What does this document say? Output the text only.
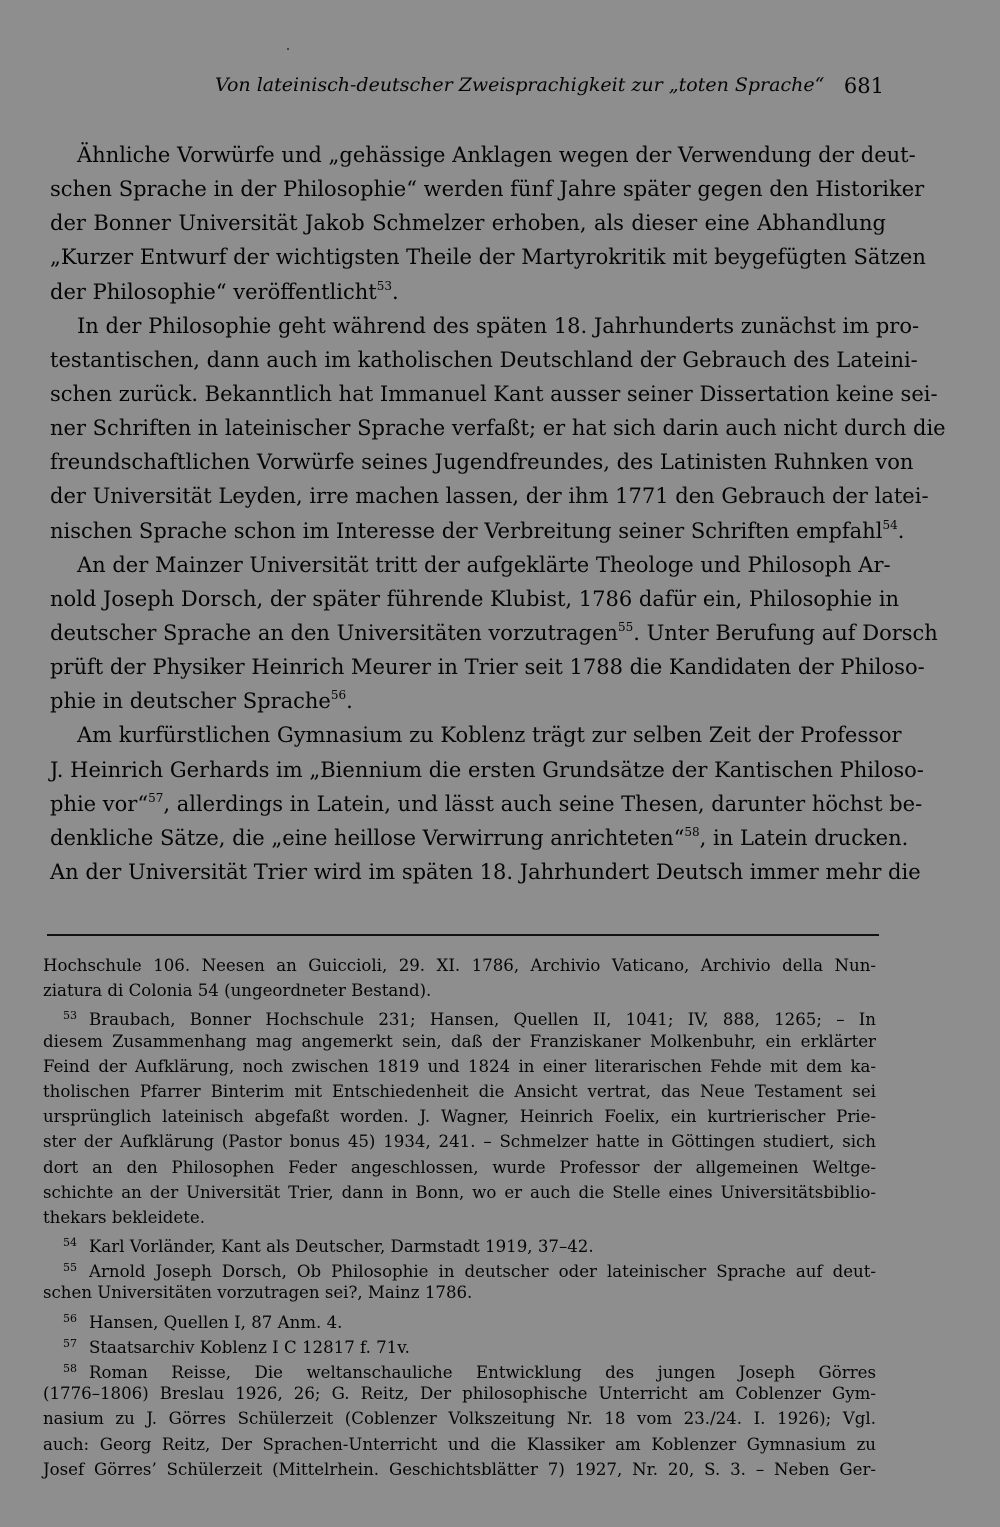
Von lateinisch-deutscher Zweisprachigkeit zur „toten Sprache“ 681
Ähnliche Vorwürfe und „gehässige Anklagen wegen der Verwendung der deut-
schen Sprache in der Philosophie“ werden fünf Jahre später gegen den Historiker
der Bonner Universität Jakob Schmelzer erhoben, als dieser eine Abhandlung
„Kurzer Entwurf der wichtigsten Theile der Martyrokritik mit beygefügten Sätzen
der Philosophie“ veröffentlicht$^{53}$.
In der Philosophie geht während des späten 18. Jahrhunderts zunächst im pro-
testantischen, dann auch im katholischen Deutschland der Gebrauch des Lateini-
schen zurück. Bekanntlich hat Immanuel Kant ausser seiner Dissertation keine sei-
ner Schriften in lateinischer Sprache verfaßt; er hat sich darin auch nicht durch die
freundschaftlichen Vorwürfe seines Jugendfreundes, des Latinisten Ruhnken von
der Universität Leyden, irre machen lassen, der ihm 1771 den Gebrauch der latei-
nischen Sprache schon im Interesse der Verbreitung seiner Schriften empfahl$^{54}$.
An der Mainzer Universität tritt der aufgeklärte Theologe und Philosoph Ar-
nold Joseph Dorsch, der später führende Klubist, 1786 dafür ein, Philosophie in
deutscher Sprache an den Universitäten vorzutragen$^{55}$. Unter Berufung auf Dorsch
prüft der Physiker Heinrich Meurer in Trier seit 1788 die Kandidaten der Philoso-
phie in deutscher Sprache$^{56}$.
Am kurfürstlichen Gymnasium zu Koblenz trägt zur selben Zeit der Professor
J. Heinrich Gerhards im „Biennium die ersten Grundsätze der Kantischen Philoso-
phie vor“$^{57}$, allerdings in Latein, und lässt auch seine Thesen, darunter höchst be-
denkliche Sätze, die „eine heillose Verwirrung anrichteten“$^{58}$, in Latein drucken.
An der Universität Trier wird im späten 18. Jahrhundert Deutsch immer mehr die
Hochschule 106. Neesen an Guiccioli, 29. XI. 1786, Archivio Vaticano, Archivio della Nun-
ziatura di Colonia 54 (ungeordneter Bestand).
$^{53}$ Braubach, Bonner Hochschule 231; Hansen, Quellen II, 1041; IV, 888, 1265; – In
diesem Zusammenhang mag angemerkt sein, daß der Franziskaner Molkenbuhr, ein erklärter
Feind der Aufklärung, noch zwischen 1819 und 1824 in einer literarischen Fehde mit dem ka-
tholischen Pfarrer Binterim mit Entschiedenheit die Ansicht vertrat, das Neue Testament sei
ursprünglich lateinisch abgefaßt worden. J. Wagner, Heinrich Foelix, ein kurtrierischer Prie-
ster der Aufklärung (Pastor bonus 45) 1934, 241. – Schmelzer hatte in Göttingen studiert, sich
dort an den Philosophen Feder angeschlossen, wurde Professor der allgemeinen Weltge-
schichte an der Universität Trier, dann in Bonn, wo er auch die Stelle eines Universitätsbiblio-
thekars bekleidete.
$^{54}$ Karl Vorländer, Kant als Deutscher, Darmstadt 1919, 37–42.
$^{55}$ Arnold Joseph Dorsch, Ob Philosophie in deutscher oder lateinischer Sprache auf deut-
schen Universitäten vorzutragen sei?, Mainz 1786.
$^{56}$ Hansen, Quellen I, 87 Anm. 4.
$^{57}$ Staatsarchiv Koblenz I C 12817 f. 71v.
$^{58}$ Roman Reisse, Die weltanschauliche Entwicklung des jungen Joseph Görres
(1776–1806) Breslau 1926, 26; G. Reitz, Der philosophische Unterricht am Coblenzer Gym-
nasium zu J. Görres Schülerzeit (Coblenzer Volkszeitung Nr. 18 vom 23./24. I. 1926); Vgl.
auch: Georg Reitz, Der Sprachen-Unterricht und die Klassiker am Koblenzer Gymnasium zu
Josef Görres’ Schülerzeit (Mittelrhein. Geschichtsblätter 7) 1927, Nr. 20, S. 3. – Neben Ger-
